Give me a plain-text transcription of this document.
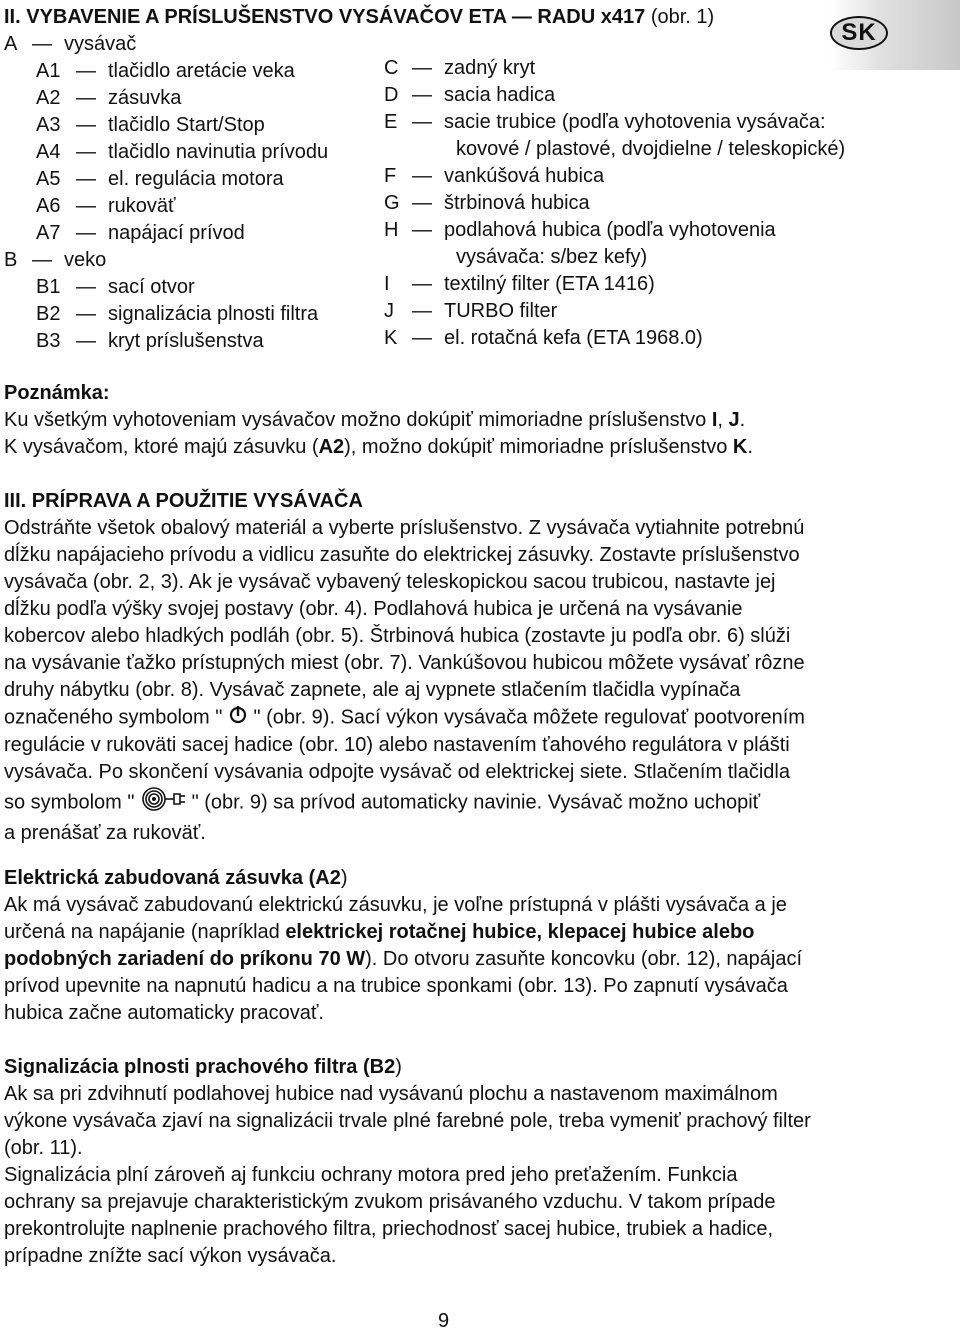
II. VYBAVENIE A PRÍSLUŠENSTVO VYSÁVAČOV ETA — RADU x417 (obr. 1)
SK
A — vysávač
A1 — tlačidlo aretácie veka
A2 — zásuvka
A3 — tlačidlo Start/Stop
A4 — tlačidlo navinutia prívodu
A5 — el. regulácia motora
A6 — rukoväť
A7 — napájací prívod
B — veko
B1 — sací otvor
B2 — signalizácia plnosti filtra
B3 — kryt príslušenstva
C — zadný kryt
D — sacia hadica
E — sacie trubice (podľa vyhotovenia vysávača:
kovové / plastové, dvojdielne / teleskopické)
F — vankúšová hubica
G — štrbinová hubica
H — podlahová hubica (podľa vyhotovenia
vysávača: s/bez kefy)
I — textilný filter (ETA 1416)
J — TURBO filter
K — el. rotačná kefa (ETA 1968.0)
Poznámka:
Ku všetkým vyhotoveniam vysávačov možno dokúpiť mimoriadne príslušenstvo I, J.
K vysávačom, ktoré majú zásuvku (A2), možno dokúpiť mimoriadne príslušenstvo K.
III. PRÍPRAVA A POUŽITIE VYSÁVAČA
Odstráňte všetok obalový materiál a vyberte príslušenstvo. Z vysávača vytiahnite potrebnú
dĺžku napájacieho prívodu a vidlicu zasuňte do elektrickej zásuvky. Zostavte príslušenstvo
vysávača (obr. 2, 3). Ak je vysávač vybavený teleskopickou sacou trubicou, nastavte jej
dĺžku podľa výšky svojej postavy (obr. 4). Podlahová hubica je určená na vysávanie
kobercov alebo hladkých podláh (obr. 5). Štrbinová hubica (zostavte ju podľa obr. 6) slúži
na vysávanie ťažko prístupných miest (obr. 7). Vankúšovou hubicou môžete vysávať rôzne
druhy nábytku (obr. 8). Vysávač zapnete, ale aj vypnete stlačením tlačidla vypínača
označeného symbolom "  " (obr. 9). Sací výkon vysávača môžete regulovať pootvorením
regulácie v rukoväti sacej hadice (obr. 10) alebo nastavením ťahového regulátora v plášti
vysávača. Po skončení vysávania odpojte vysávač od elektrickej siete. Stlačením tlačidla
so symbolom "  " (obr. 9) sa prívod automaticky navinie. Vysávač možno uchopiť
a prenášať za rukoväť.
Elektrická zabudovaná zásuvka (A2)
Ak má vysávač zabudovanú elektrickú zásuvku, je voľne prístupná v plášti vysávača a je
určená na napájanie (napríklad elektrickej rotačnej hubice, klepacej hubice alebo
podobných zariadení do príkonu 70 W). Do otvoru zasuňte koncovku (obr. 12), napájací
prívod upevnite na napnutú hadicu a na trubice sponkami (obr. 13). Po zapnutí vysávača
hubica začne automaticky pracovať.
Signalizácia plnosti prachového filtra (B2)
Ak sa pri zdvihnutí podlahovej hubice nad vysávanú plochu a nastavenom maximálnom
výkone vysávača zjaví na signalizácii trvale plné farebné pole, treba vymeniť prachový filter
(obr. 11).
Signalizácia plní zároveň aj funkciu ochrany motora pred jeho preťažením. Funkcia
ochrany sa prejavuje charakteristickým zvukom prisávaného vzduchu. V takom prípade
prekontrolujte naplnenie prachového filtra, priechodnosť sacej hubice, trubiek a hadice,
prípadne znížte sací výkon vysávača.
9
